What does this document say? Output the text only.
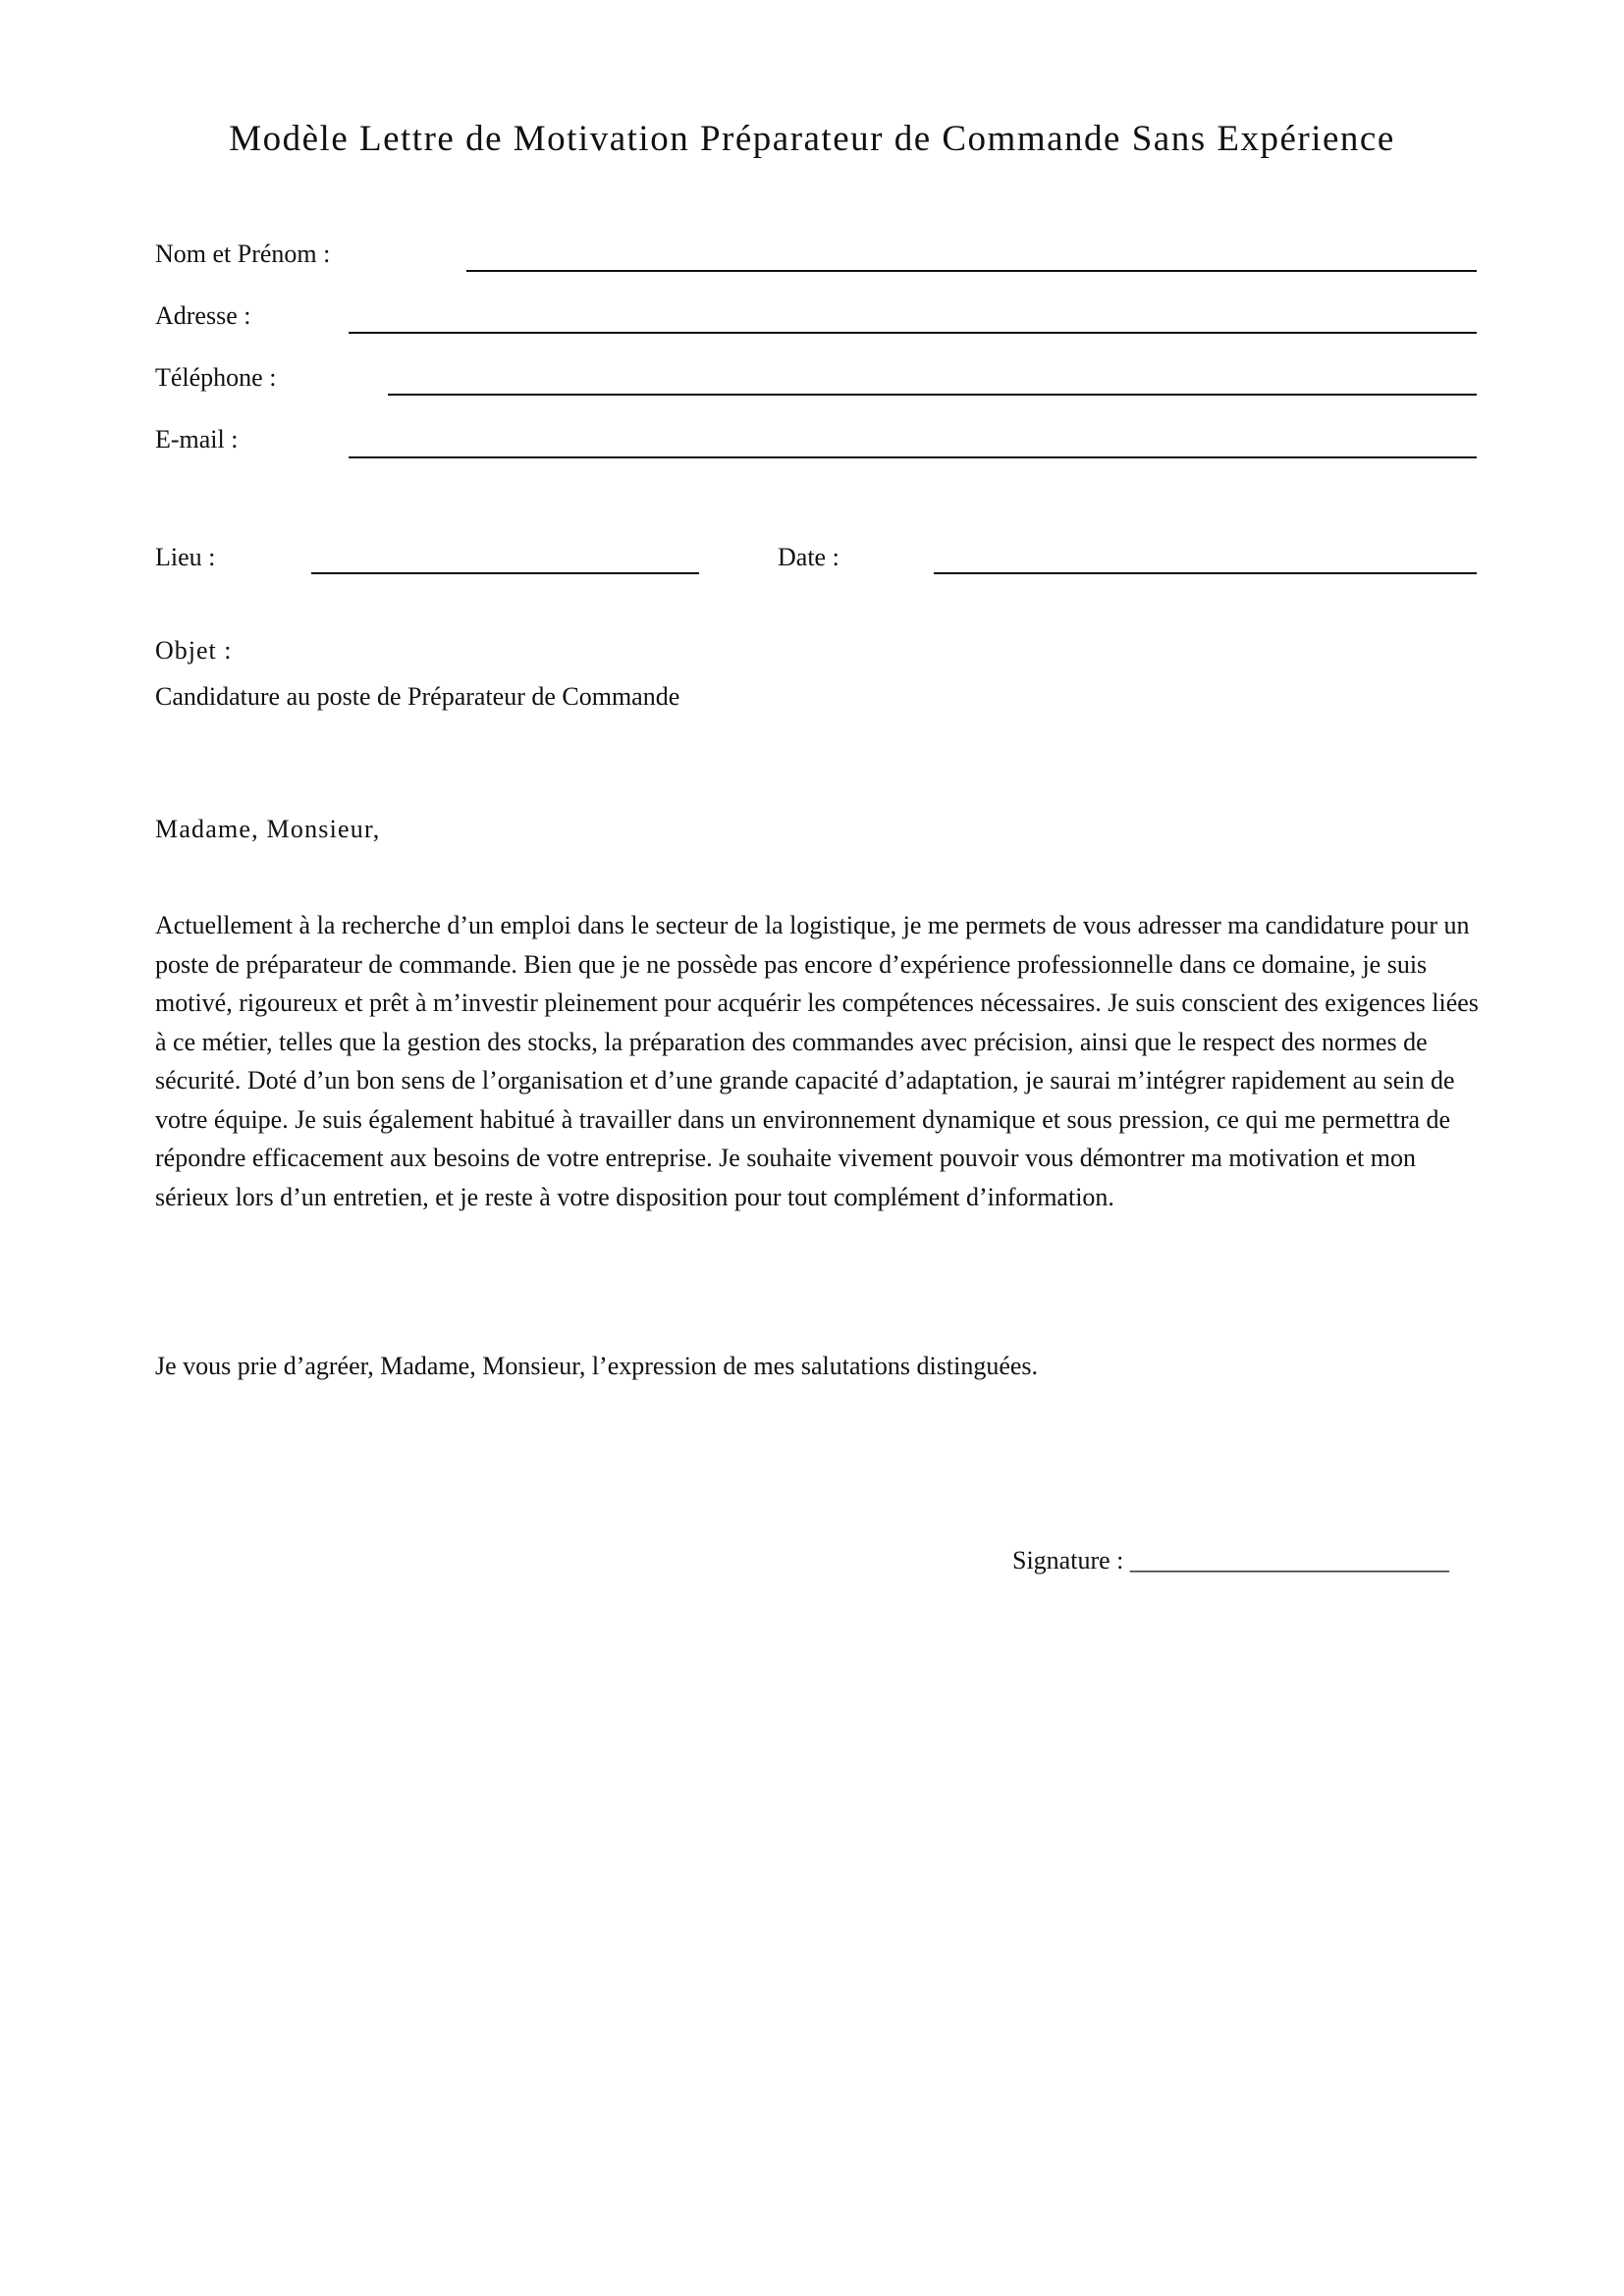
Modèle Lettre de Motivation Préparateur de Commande Sans Expérience
Nom et Prénom :
Adresse :
Téléphone :
E-mail :
Lieu :	Date :
Objet :
Candidature au poste de Préparateur de Commande
Madame, Monsieur,
Actuellement à la recherche d’un emploi dans le secteur de la logistique, je me permets de vous adresser ma candidature pour un poste de préparateur de commande. Bien que je ne possède pas encore d’expérience professionnelle dans ce domaine, je suis motivé, rigoureux et prêt à m’investir pleinement pour acquérir les compétences nécessaires. Je suis conscient des exigences liées à ce métier, telles que la gestion des stocks, la préparation des commandes avec précision, ainsi que le respect des normes de sécurité. Doté d’un bon sens de l’organisation et d’une grande capacité d’adaptation, je saurai m’intégrer rapidement au sein de votre équipe. Je suis également habitué à travailler dans un environnement dynamique et sous pression, ce qui me permettra de répondre efficacement aux besoins de votre entreprise. Je souhaite vivement pouvoir vous démontrer ma motivation et mon sérieux lors d’un entretien, et je reste à votre disposition pour tout complément d’information.
Je vous prie d’agréer, Madame, Monsieur, l’expression de mes salutations distinguées.
Signature : _________________________
